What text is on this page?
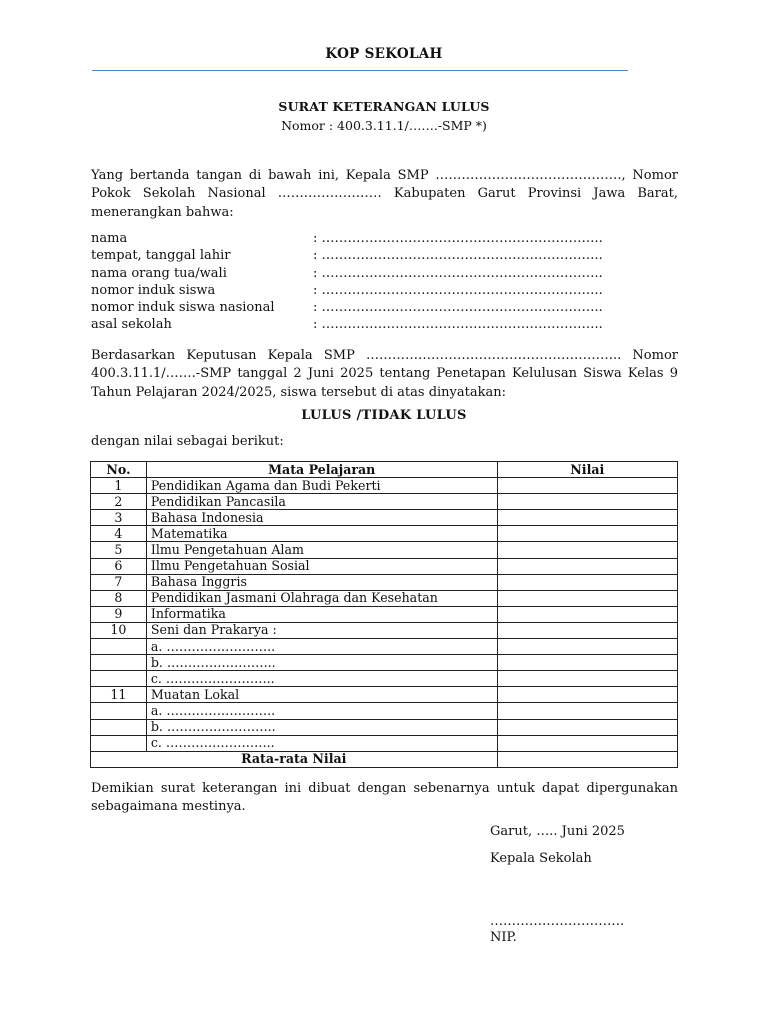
KOP SEKOLAH
SURAT KETERANGAN LULUS
Nomor : 400.3.11.1/…….-SMP *)
Yang bertanda tangan di bawah ini, Kepala SMP ……………………………………., Nomor Pokok Sekolah Nasional …………………… Kabupaten Garut Provinsi Jawa Barat, menerangkan bahwa:
nama	: ………………………………………………………..
tempat, tanggal lahir	: ………………………………………………………..
nama orang tua/wali	: ………………………………………………………..
nomor induk siswa	: ………………………………………………………..
nomor induk siswa nasional	: ………………………………………………………..
asal sekolah	: ………………………………………………………..
Berdasarkan Keputusan Kepala SMP ………………………………………………….. Nomor 400.3.11.1/…….-SMP tanggal 2 Juni 2025 tentang Penetapan Kelulusan Siswa Kelas 9 Tahun Pelajaran 2024/2025, siswa tersebut di atas dinyatakan:
LULUS /TIDAK LULUS
dengan nilai sebagai berikut:
No.	Mata Pelajaran	Nilai
1	Pendidikan Agama dan Budi Pekerti	
2	Pendidikan Pancasila	
3	Bahasa Indonesia	
4	Matematika	
5	Ilmu Pengetahuan Alam	
6	Ilmu Pengetahuan Sosial	
7	Bahasa Inggris	
8	Pendidikan Jasmani Olahraga dan Kesehatan	
9	Informatika	
10	Seni dan Prakarya :	
	a. ……………………..	
	b. ……………………..	
	c. ……………………..	
11	Muatan Lokal	
	a. ……………………..	
	b. ……………………..	
	c. ……………………..	
Rata-rata Nilai		
Demikian surat keterangan ini dibuat dengan sebenarnya untuk dapat dipergunakan sebagaimana mestinya.
Garut, ….. Juni 2025
Kepala Sekolah
………………………….
NIP.
